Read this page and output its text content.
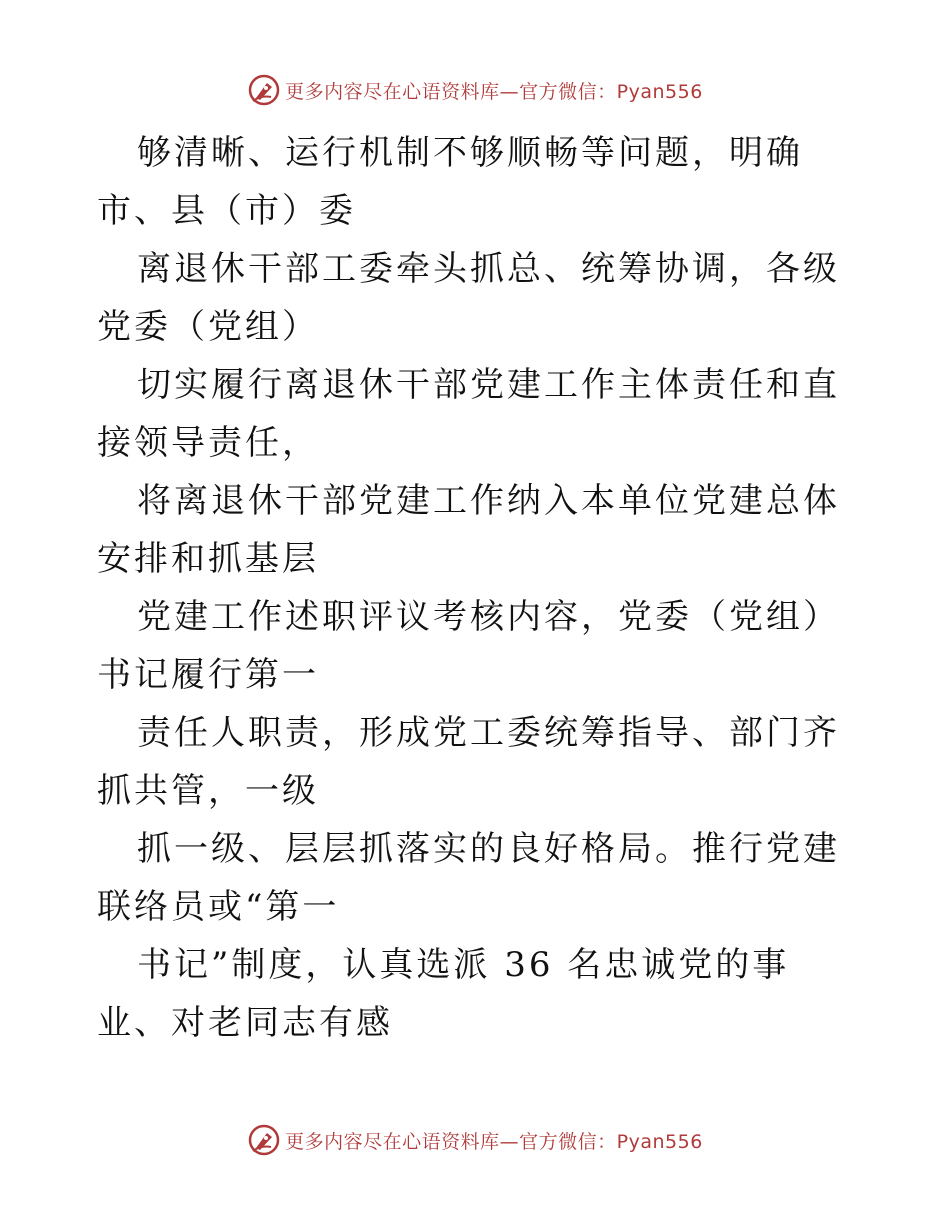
更多内容尽在心语资料库—官方微信：Pyan556

够清晰、运行机制不够顺畅等问题，明确市、县（市）委

离退休干部工委牵头抓总、统筹协调，各级党委（党组）

切实履行离退休干部党建工作主体责任和直接领导责任，

将离退休干部党建工作纳入本单位党建总体安排和抓基层

党建工作述职评议考核内容，党委（党组）书记履行第一

责任人职责，形成党工委统筹指导、部门齐抓共管，一级

抓一级、层层抓落实的良好格局。推行党建联络员或“第一

书记”制度，认真选派 36 名忠诚党的事业、对老同志有感

更多内容尽在心语资料库—官方微信：Pyan556
